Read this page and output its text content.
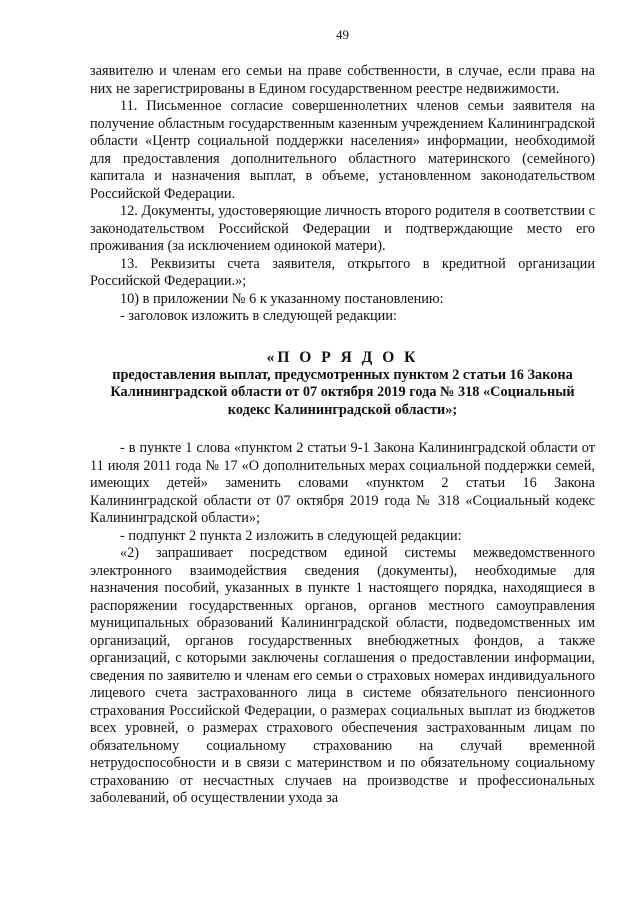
49

заявителю и членам его семьи на праве собственности, в случае, если права на них не зарегистрированы в Едином государственном реестре недвижимости.

11. Письменное согласие совершеннолетних членов семьи заявителя на получение областным государственным казенным учреждением Калининградской области «Центр социальной поддержки населения» информации, необходимой для предоставления дополнительного областного материнского (семейного) капитала и назначения выплат, в объеме, установленном законодательством Российской Федерации.

12. Документы, удостоверяющие личность второго родителя в соответствии с законодательством Российской Федерации и подтверждающие место его проживания (за исключением одинокой матери).

13. Реквизиты счета заявителя, открытого в кредитной организации Российской Федерации.»;

10) в приложении № 6 к указанному постановлению:

- заголовок изложить в следующей редакции:

«П О Р Я Д О К
предоставления выплат, предусмотренных пунктом 2 статьи 16 Закона Калининградской области от 07 октября 2019 года № 318 «Социальный кодекс Калининградской области»;

- в пункте 1 слова «пунктом 2 статьи 9-1 Закона Калининградской области от 11 июля 2011 года № 17 «О дополнительных мерах социальной поддержки семей, имеющих детей» заменить словами «пунктом 2 статьи 16 Закона Калининградской области от 07 октября 2019 года № 318 «Социальный кодекс Калининградской области»;

- подпункт 2 пункта 2 изложить в следующей редакции:

«2) запрашивает посредством единой системы межведомственного электронного взаимодействия сведения (документы), необходимые для назначения пособий, указанных в пункте 1 настоящего порядка, находящиеся в распоряжении государственных органов, органов местного самоуправления муниципальных образований Калининградской области, подведомственных им организаций, органов государственных внебюджетных фондов, а также организаций, с которыми заключены соглашения о предоставлении информации, сведения по заявителю и членам его семьи о страховых номерах индивидуального лицевого счета застрахованного лица в системе обязательного пенсионного страхования Российской Федерации, о размерах социальных выплат из бюджетов всех уровней, о размерах страхового обеспечения застрахованным лицам по обязательному социальному страхованию на случай временной нетрудоспособности и в связи с материнством и по обязательному социальному страхованию от несчастных случаев на производстве и профессиональных заболеваний, об осуществлении ухода за
